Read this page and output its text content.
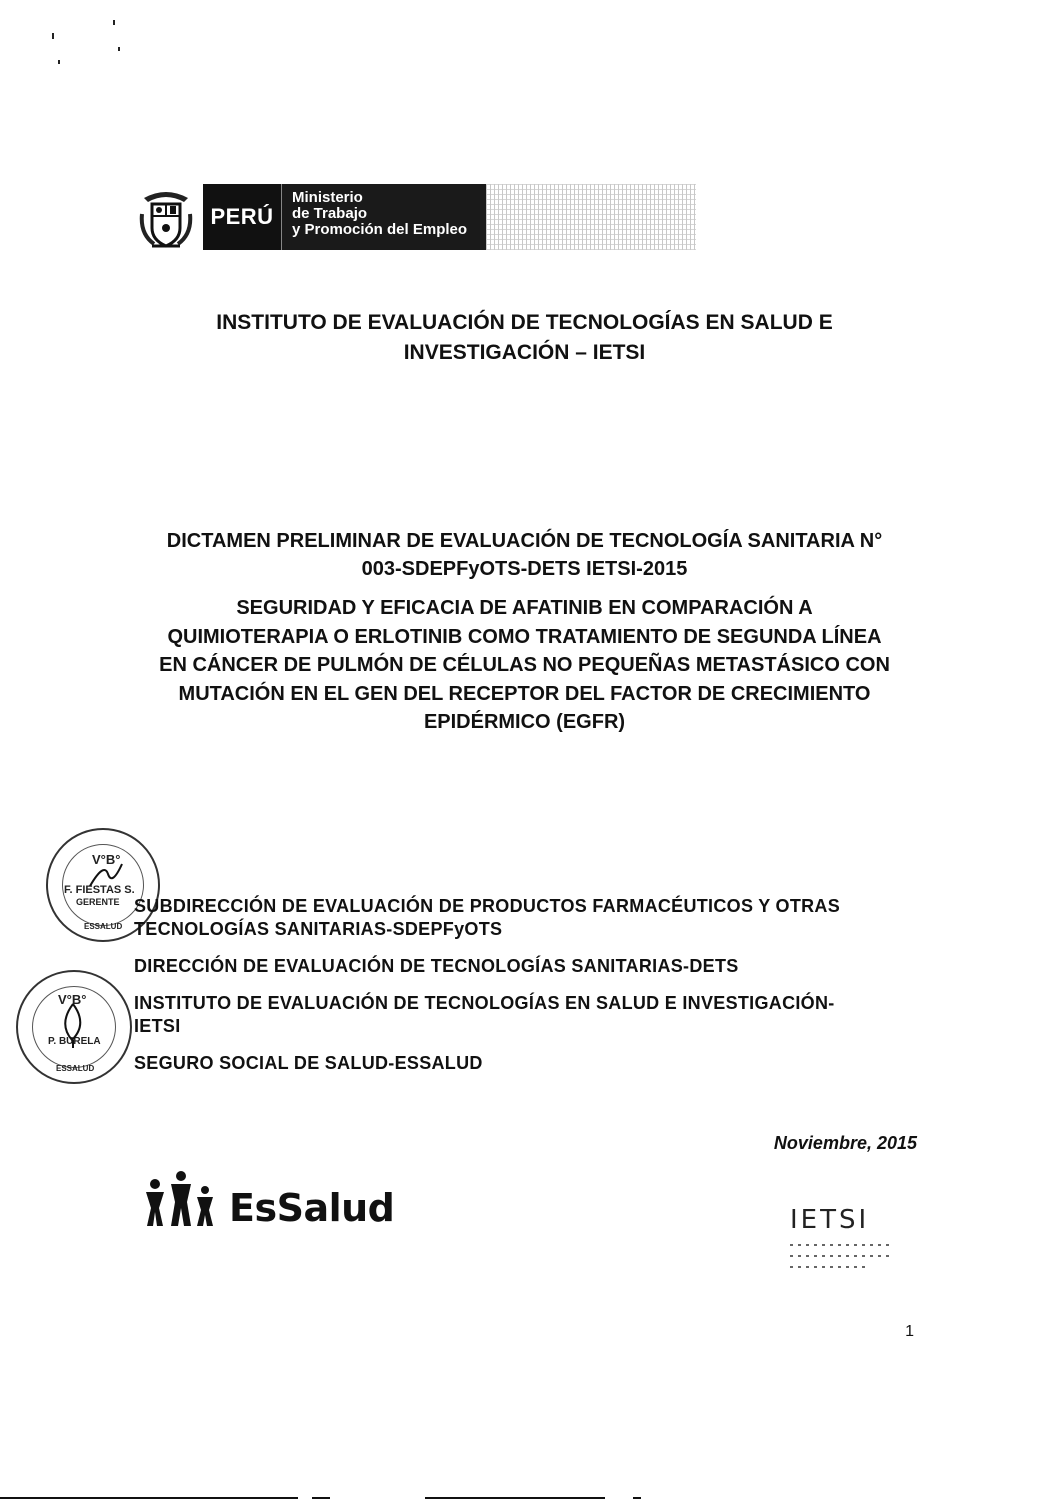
PERÚ
Ministerio
de Trabajo
y Promoción del Empleo
INSTITUTO DE EVALUACIÓN DE TECNOLOGÍAS EN SALUD E
INVESTIGACIÓN – IETSI
DICTAMEN PRELIMINAR DE EVALUACIÓN DE TECNOLOGÍA SANITARIA N°
003-SDEPFyOTS-DETS IETSI-2015
SEGURIDAD Y EFICACIA DE AFATINIB EN COMPARACIÓN A
QUIMIOTERAPIA O ERLOTINIB COMO TRATAMIENTO DE SEGUNDA LÍNEA
EN CÁNCER DE PULMÓN DE CÉLULAS NO PEQUEÑAS METASTÁSICO CON
MUTACIÓN EN EL GEN DEL RECEPTOR DEL FACTOR DE CRECIMIENTO
EPIDÉRMICO (EGFR)
V°B°
F. FIESTAS S.
GERENTE
ESSALUD
V°B°
P. BURELA
ESSALUD
SUBDIRECCIÓN DE EVALUACIÓN DE PRODUCTOS FARMACÉUTICOS Y OTRAS
TECNOLOGÍAS SANITARIAS-SDEPFyOTS
DIRECCIÓN DE EVALUACIÓN DE TECNOLOGÍAS SANITARIAS-DETS
INSTITUTO DE EVALUACIÓN DE TECNOLOGÍAS EN SALUD E INVESTIGACIÓN-
IETSI
SEGURO SOCIAL DE SALUD-ESSALUD
Noviembre, 2015
EsSalud	IETSI
1
